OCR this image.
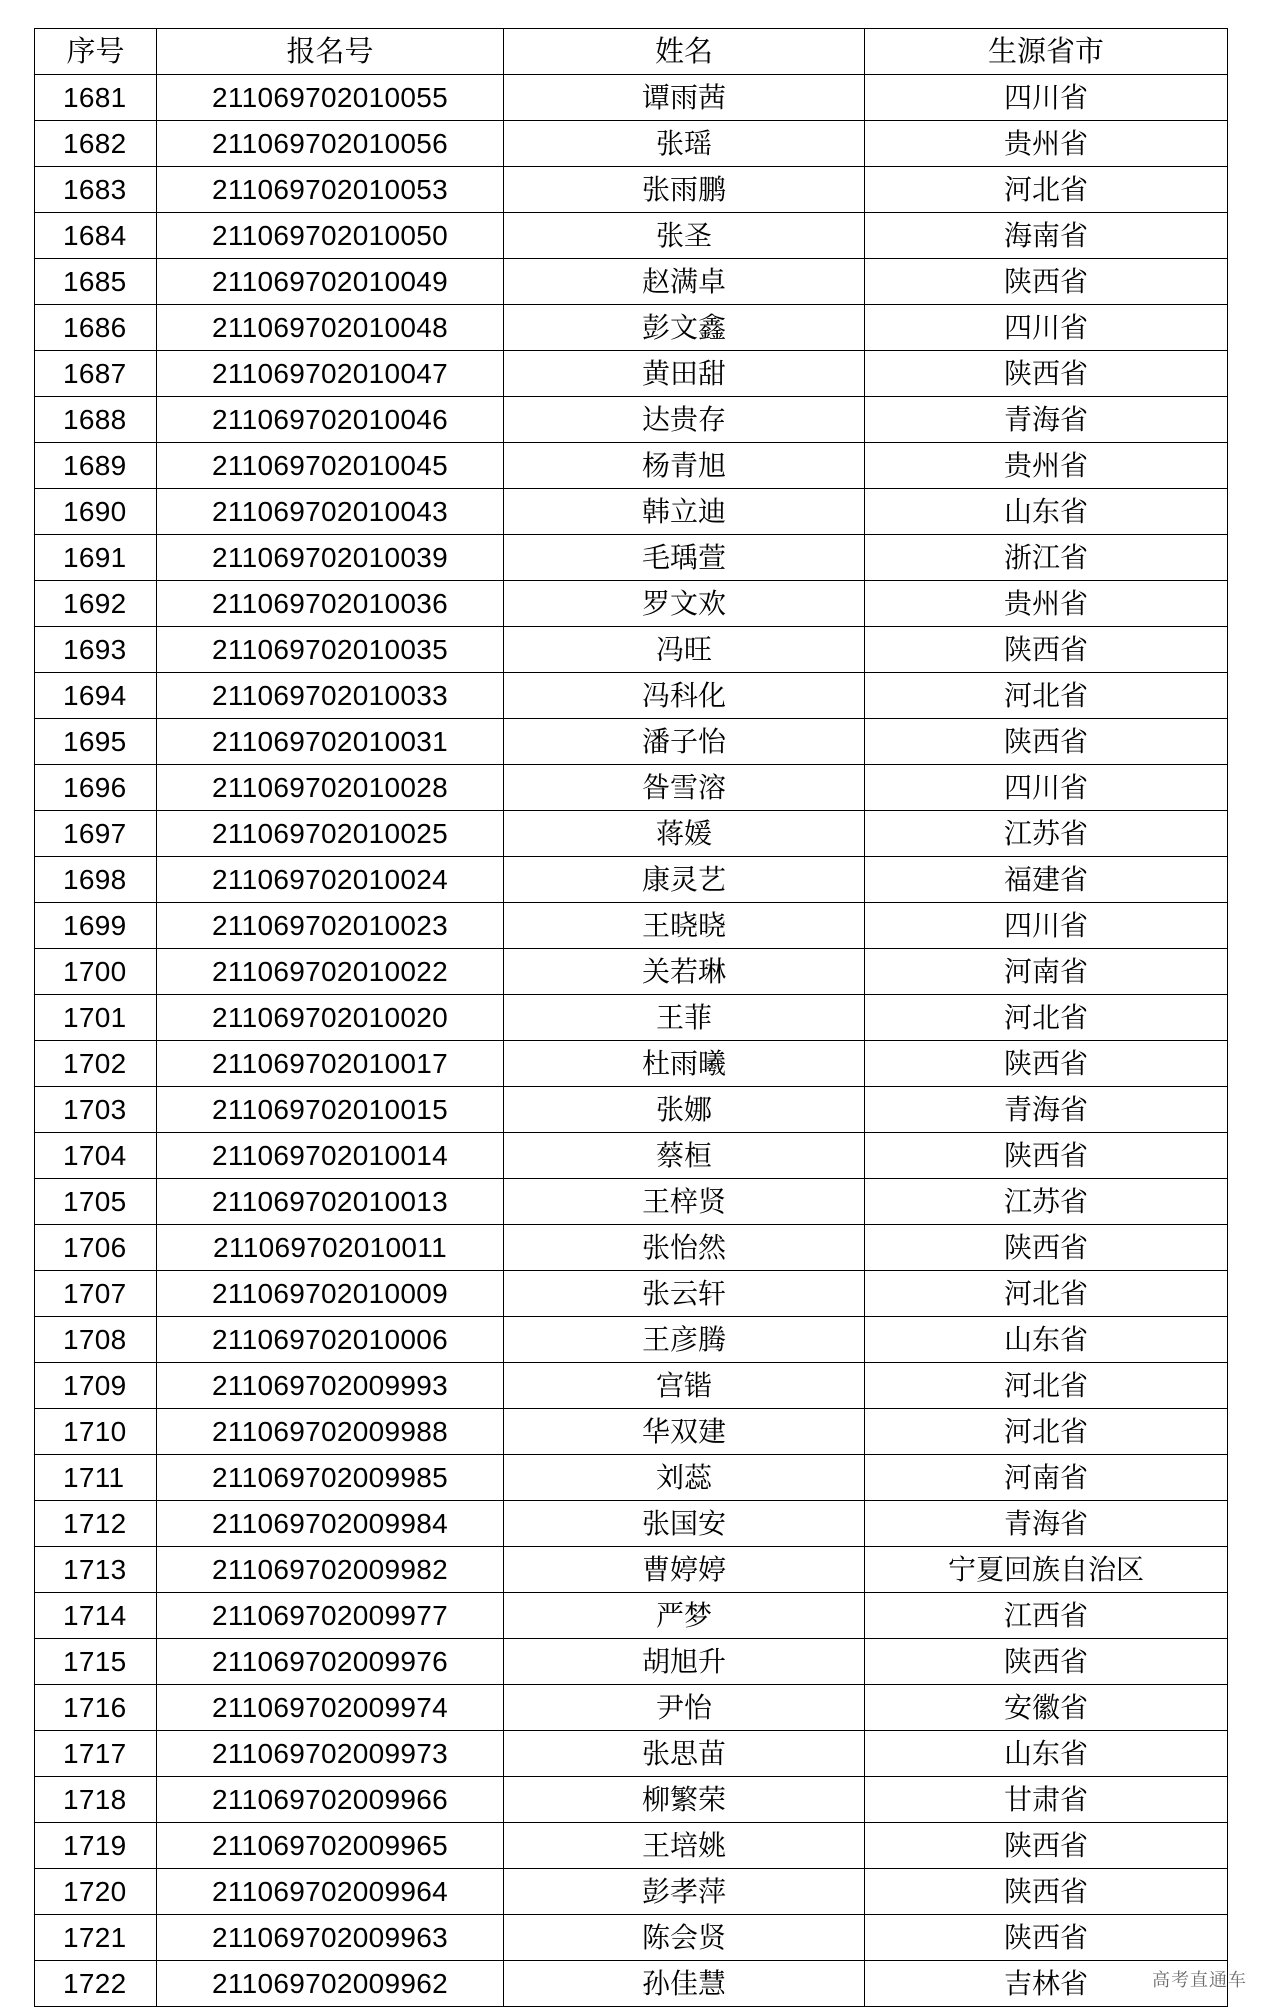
序号	报名号	姓名	生源省市
1681	211069702010055	谭雨茜	四川省
1682	211069702010056	张瑶	贵州省
1683	211069702010053	张雨鹏	河北省
1684	211069702010050	张圣	海南省
1685	211069702010049	赵满卓	陕西省
1686	211069702010048	彭文鑫	四川省
1687	211069702010047	黄田甜	陕西省
1688	211069702010046	达贵存	青海省
1689	211069702010045	杨青旭	贵州省
1690	211069702010043	韩立迪	山东省
1691	211069702010039	毛瑀萱	浙江省
1692	211069702010036	罗文欢	贵州省
1693	211069702010035	冯旺	陕西省
1694	211069702010033	冯科化	河北省
1695	211069702010031	潘子怡	陕西省
1696	211069702010028	昝雪溶	四川省
1697	211069702010025	蒋媛	江苏省
1698	211069702010024	康灵艺	福建省
1699	211069702010023	王晓晓	四川省
1700	211069702010022	关若琳	河南省
1701	211069702010020	王菲	河北省
1702	211069702010017	杜雨曦	陕西省
1703	211069702010015	张娜	青海省
1704	211069702010014	蔡桓	陕西省
1705	211069702010013	王梓贤	江苏省
1706	211069702010011	张怡然	陕西省
1707	211069702010009	张云轩	河北省
1708	211069702010006	王彦腾	山东省
1709	211069702009993	宫锴	河北省
1710	211069702009988	华双建	河北省
1711	211069702009985	刘蕊	河南省
1712	211069702009984	张国安	青海省
1713	211069702009982	曹婷婷	宁夏回族自治区
1714	211069702009977	严梦	江西省
1715	211069702009976	胡旭升	陕西省
1716	211069702009974	尹怡	安徽省
1717	211069702009973	张思苗	山东省
1718	211069702009966	柳繁荣	甘肃省
1719	211069702009965	王培姚	陕西省
1720	211069702009964	彭孝萍	陕西省
1721	211069702009963	陈会贤	陕西省
1722	211069702009962	孙佳慧	吉林省	高考直通车
